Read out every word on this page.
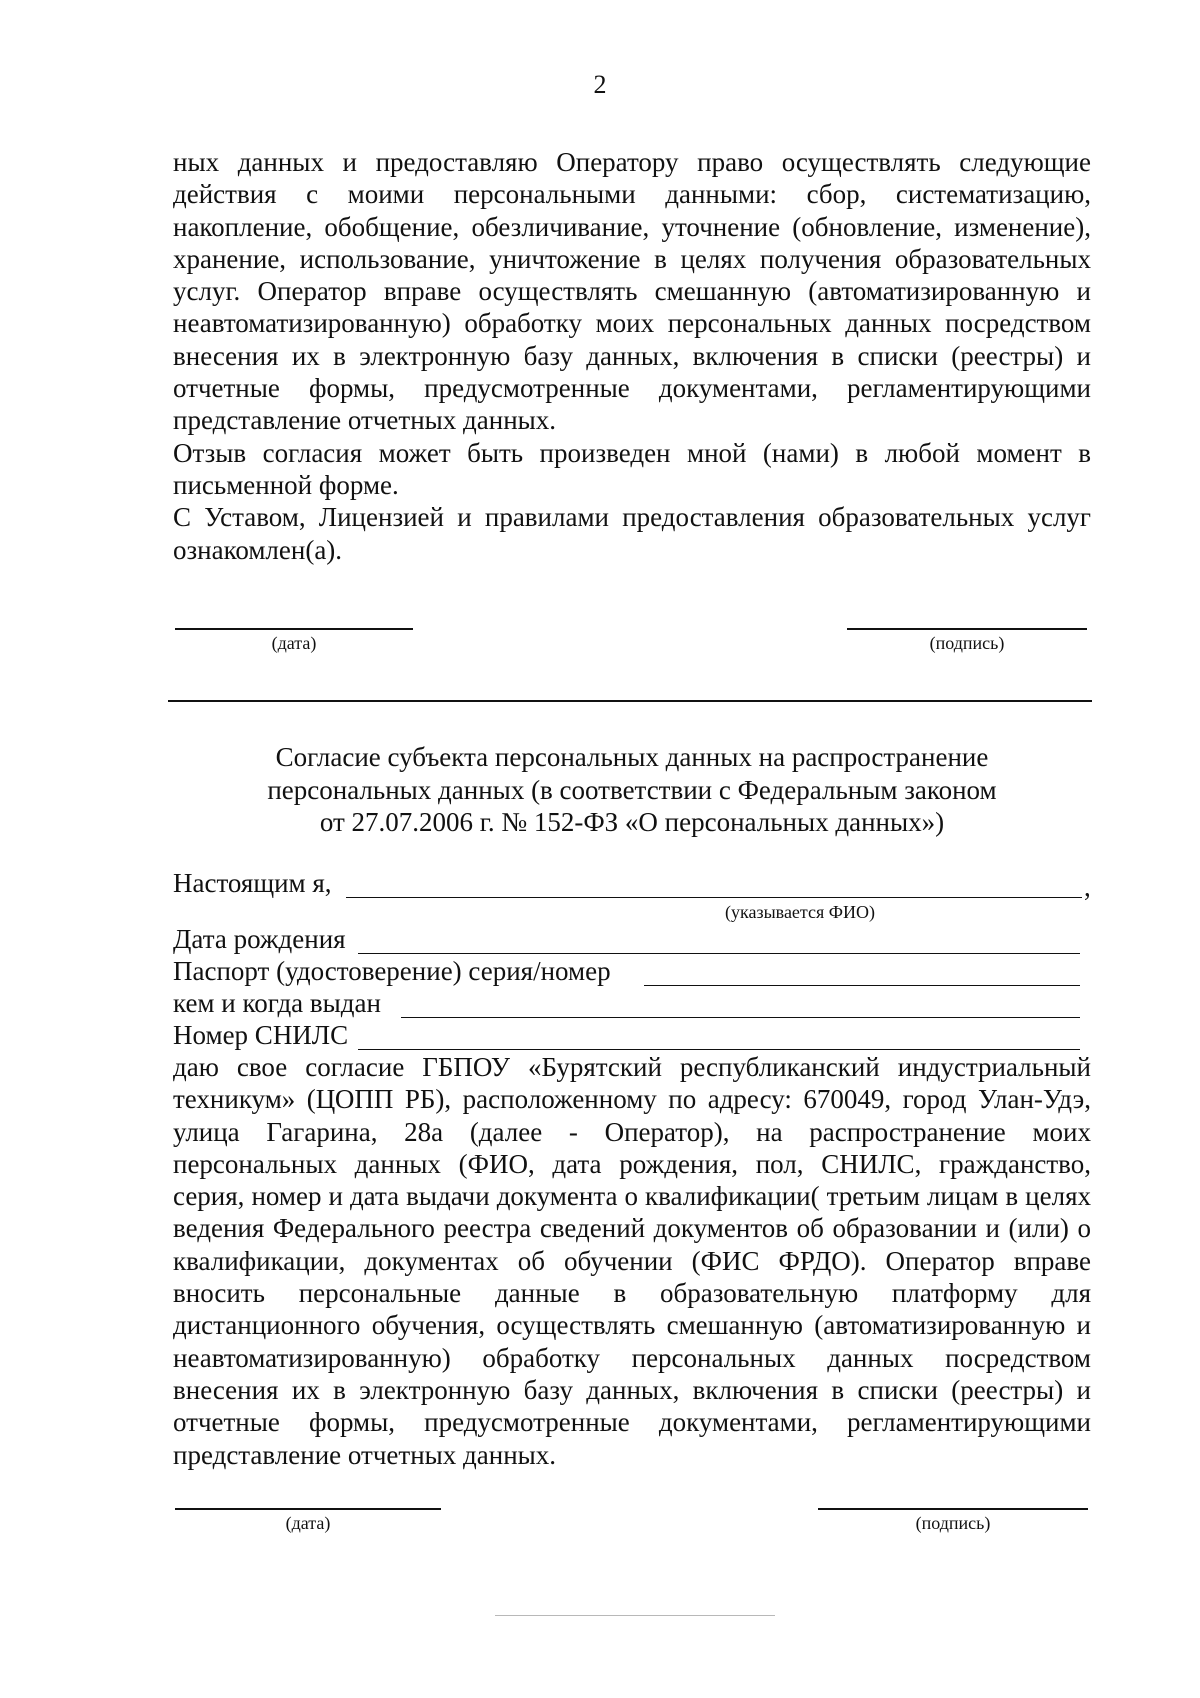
2

ных данных и предоставляю Оператору право осуществлять следующие действия с моими персональными данными: сбор, систематизацию, накопление, обобщение, обезличивание, уточнение (обновление, изменение), хранение, использование, уничтожение в целях получения образовательных услуг. Оператор вправе осуществлять смешанную (автоматизированную и неавтоматизированную) обработку моих персональных данных посредством внесения их в электронную базу данных, включения в списки (реестры) и отчетные формы, предусмотренные документами, регламентирующими представление отчетных данных.

Отзыв согласия может быть произведен мной (нами) в любой момент в письменной форме.

С Уставом, Лицензией и правилами предоставления образовательных услуг ознакомлен(а).

(дата)	(подпись)
Согласие субъекта персональных данных на распространение
персональных данных (в соответствии с Федеральным законом
от 27.07.2006 г. № 152-ФЗ «О персональных данных»)
Настоящим я,	,
(указывается ФИО)
Дата рождения
Паспорт (удостоверение) серия/номер
кем и когда выдан
Номер СНИЛС

даю свое согласие ГБПОУ «Бурятский республиканский индустриальный техникум» (ЦОПП РБ), расположенному по адресу: 670049, город Улан-Удэ, улица Гагарина, 28а (далее - Оператор), на распространение моих персональных данных (ФИО, дата рождения, пол, СНИЛС, гражданство, серия, номер и дата выдачи документа о квалификации( третьим лицам в целях ведения Федерального реестра сведений документов об образовании и (или) о квалификации, документах об обучении (ФИС ФРДО). Оператор вправе вносить персональные данные в образовательную платформу для дистанционного обучения, осуществлять смешанную (автоматизированную и неавтоматизированную) обработку персональных данных посредством внесения их в электронную базу данных, включения в списки (реестры) и отчетные формы, предусмотренные документами, регламентирующими представление отчетных данных.

(дата)	(подпись)
